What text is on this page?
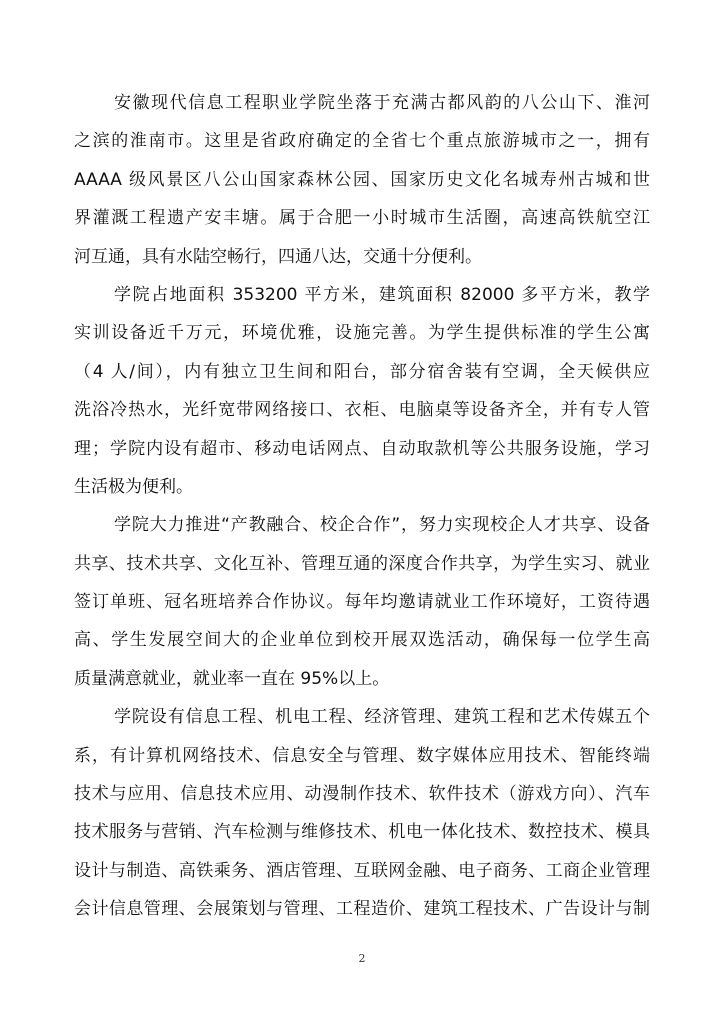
安徽现代信息工程职业学院坐落于充满古都风韵的八公山下、淮河
之滨的淮南市。这里是省政府确定的全省七个重点旅游城市之一，拥有
AAAA 级风景区八公山国家森林公园、国家历史文化名城寿州古城和世
界灌溉工程遗产安丰塘。属于合肥一小时城市生活圈，高速高铁航空江
河互通，具有水陆空畅行，四通八达，交通十分便利。
学院占地面积 353200 平方米，建筑面积 82000 多平方米，教学
实训设备近千万元，环境优雅，设施完善。为学生提供标准的学生公寓
（4 人/间），内有独立卫生间和阳台，部分宿舍装有空调，全天候供应
洗浴冷热水，光纤宽带网络接口、衣柜、电脑桌等设备齐全，并有专人管
理；学院内设有超市、移动电话网点、自动取款机等公共服务设施，学习
生活极为便利。
学院大力推进“产教融合、校企合作”，努力实现校企人才共享、设备
共享、技术共享、文化互补、管理互通的深度合作共享，为学生实习、就业
签订单班、冠名班培养合作协议。每年均邀请就业工作环境好，工资待遇
高、学生发展空间大的企业单位到校开展双选活动，确保每一位学生高
质量满意就业，就业率一直在 95%以上。
学院设有信息工程、机电工程、经济管理、建筑工程和艺术传媒五个
系，有计算机网络技术、信息安全与管理、数字媒体应用技术、智能终端
技术与应用、信息技术应用、动漫制作技术、软件技术（游戏方向）、汽车
技术服务与营销、汽车检测与维修技术、机电一体化技术、数控技术、模具
设计与制造、高铁乘务、酒店管理、互联网金融、电子商务、工商企业管理
会计信息管理、会展策划与管理、工程造价、建筑工程技术、广告设计与制
2
